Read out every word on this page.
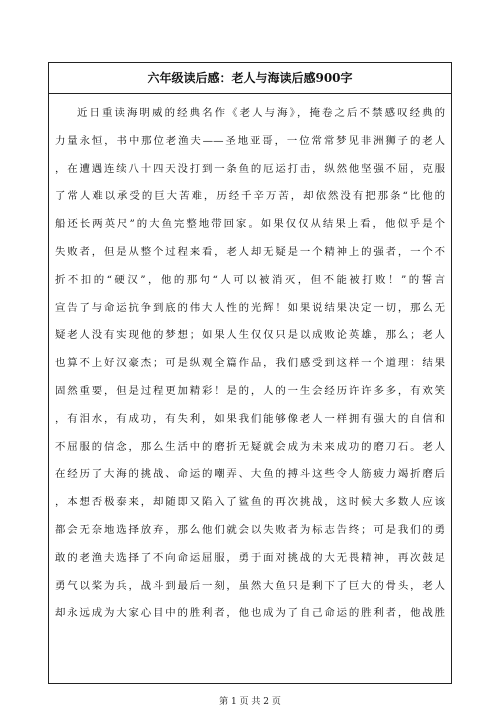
六年级读后感：老人与海读后感900字
近日重读海明威的经典名作《老人与海》，掩卷之后不禁感叹经典的
力量永恒，书中那位老渔夫——圣地亚哥，一位常常梦见非洲狮子的老人
，在遭遇连续八十四天没打到一条鱼的厄运打击，纵然他坚强不屈，克服
了常人难以承受的巨大苦难，历经千辛万苦，却依然没有把那条“比他的
船还长两英尺”的大鱼完整地带回家。如果仅仅从结果上看，他似乎是个
失败者，但是从整个过程来看，老人却无疑是一个精神上的强者，一个不
折不扣的“硬汉”，他的那句“人可以被消灭，但不能被打败！”的誓言
宣告了与命运抗争到底的伟大人性的光辉！如果说结果决定一切，那么无
疑老人没有实现他的梦想；如果人生仅仅只是以成败论英雄，那么；老人
也算不上好汉豪杰；可是纵观全篇作品，我们感受到这样一个道理：结果
固然重要，但是过程更加精彩！是的，人的一生会经历许许多多，有欢笑
，有泪水，有成功，有失利，如果我们能够像老人一样拥有强大的自信和
不屈服的信念，那么生活中的磨折无疑就会成为未来成功的磨刀石。老人
在经历了大海的挑战、命运的嘲弄、大鱼的搏斗这些令人筋疲力竭折磨后
，本想否极泰来，却随即又陷入了鲨鱼的再次挑战，这时候大多数人应该
都会无奈地选择放弃，那么他们就会以失败者为标志告终；可是我们的勇
敢的老渔夫选择了不向命运屈服，勇于面对挑战的大无畏精神，再次鼓足
勇气以桨为兵，战斗到最后一刻，虽然大鱼只是剩下了巨大的骨头，老人
却永远成为大家心目中的胜利者，他也成为了自己命运的胜利者，他战胜
第 1 页 共 2 页
